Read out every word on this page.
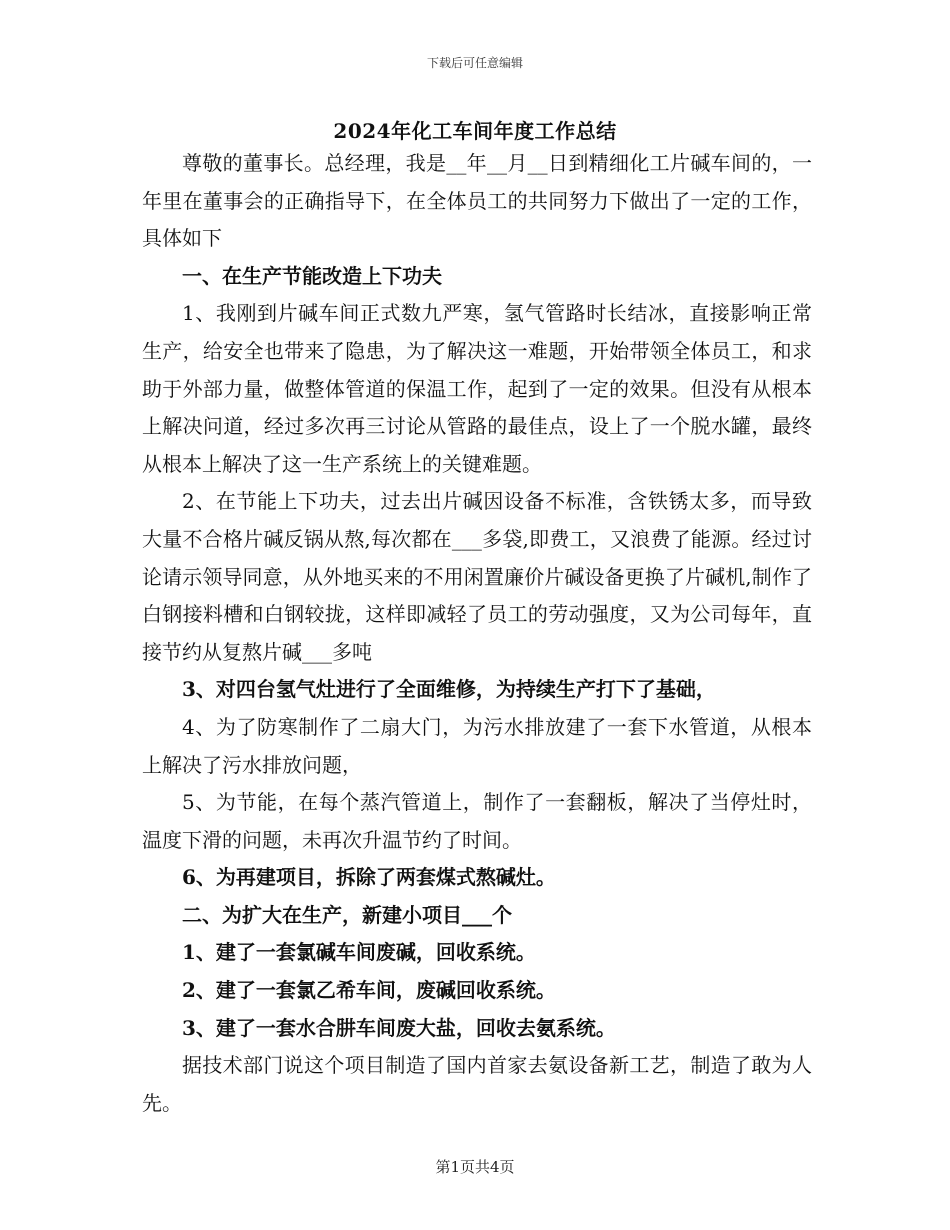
下载后可任意编辑
2024年化工车间年度工作总结

尊敬的董事长。总经理，我是__年__月__日到精细化工片碱车间的，一年里在董事会的正确指导下，在全体员工的共同努力下做出了一定的工作，具体如下

一、在生产节能改造上下功夫

1、我刚到片碱车间正式数九严寒，氢气管路时长结冰，直接影响正常生产，给安全也带来了隐患，为了解决这一难题，开始带领全体员工，和求助于外部力量，做整体管道的保温工作，起到了一定的效果。但没有从根本上解决问道，经过多次再三讨论从管路的最佳点，设上了一个脱水罐，最终从根本上解决了这一生产系统上的关键难题。

2、在节能上下功夫，过去出片碱因设备不标准，含铁锈太多，而导致大量不合格片碱反锅从熬,每次都在___多袋,即费工，又浪费了能源。经过讨论请示领导同意，从外地买来的不用闲置廉价片碱设备更换了片碱机,制作了白钢接料槽和白钢较拢，这样即减轻了员工的劳动强度，又为公司每年，直接节约从复熬片碱___多吨

3、对四台氢气灶进行了全面维修，为持续生产打下了基础，

4、为了防寒制作了二扇大门，为污水排放建了一套下水管道，从根本上解决了污水排放问题，

5、为节能，在每个蒸汽管道上，制作了一套翻板，解决了当停灶时，温度下滑的问题，未再次升温节约了时间。

6、为再建项目，拆除了两套煤式熬碱灶。

二、为扩大在生产，新建小项目___个

1、建了一套氯碱车间废碱，回收系统。

2、建了一套氯乙希车间，废碱回收系统。

3、建了一套水合肼车间废大盐，回收去氨系统。

据技术部门说这个项目制造了国内首家去氨设备新工艺，制造了敢为人先。

第1页共4页
